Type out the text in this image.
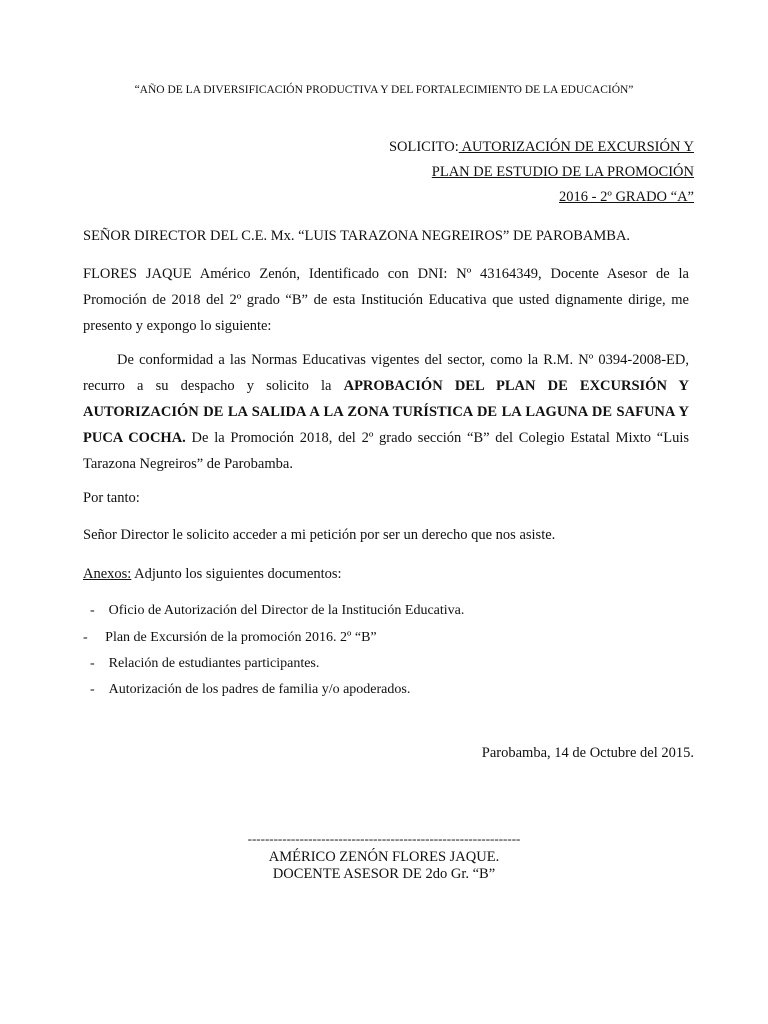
“AÑO DE LA DIVERSIFICACIÓN PRODUCTIVA Y DEL FORTALECIMIENTO DE LA EDUCACIÓN”
SOLICITO: AUTORIZACIÓN DE EXCURSIÓN Y
PLAN DE ESTUDIO DE LA PROMOCIÓN
2016 - 2º GRADO “A”
SEÑOR DIRECTOR DEL C.E. Mx. “LUIS TARAZONA NEGREIROS” DE PAROBAMBA.
FLORES JAQUE Américo Zenón, Identificado con DNI: Nº 43164349, Docente Asesor de la Promoción de 2018 del 2º grado “B” de esta Institución Educativa que usted dignamente dirige, me presento y expongo lo siguiente:
De conformidad a las Normas Educativas vigentes del sector, como la R.M. Nº 0394-2008-ED, recurro a su despacho y solicito la APROBACIÓN DEL PLAN DE EXCURSIÓN Y AUTORIZACIÓN DE LA SALIDA A LA ZONA TURÍSTICA DE LA LAGUNA DE SAFUNA Y PUCA COCHA. De la Promoción 2018, del 2º grado sección “B” del Colegio Estatal Mixto “Luis Tarazona Negreiros” de Parobamba.
Por tanto:
Señor Director le solicito acceder a mi petición por ser un derecho que nos asiste.
Anexos: Adjunto los siguientes documentos:
-    Oficio de Autorización del Director de la Institución Educativa.
-     Plan de Excursión de la promoción 2016. 2º “B”
-    Relación de estudiantes participantes.
-    Autorización de los padres de familia y/o apoderados.
Parobamba, 14 de Octubre del 2015.
---------------------------------------------------------------
AMÉRICO ZENÓN FLORES JAQUE.
DOCENTE ASESOR DE 2do Gr. “B”
